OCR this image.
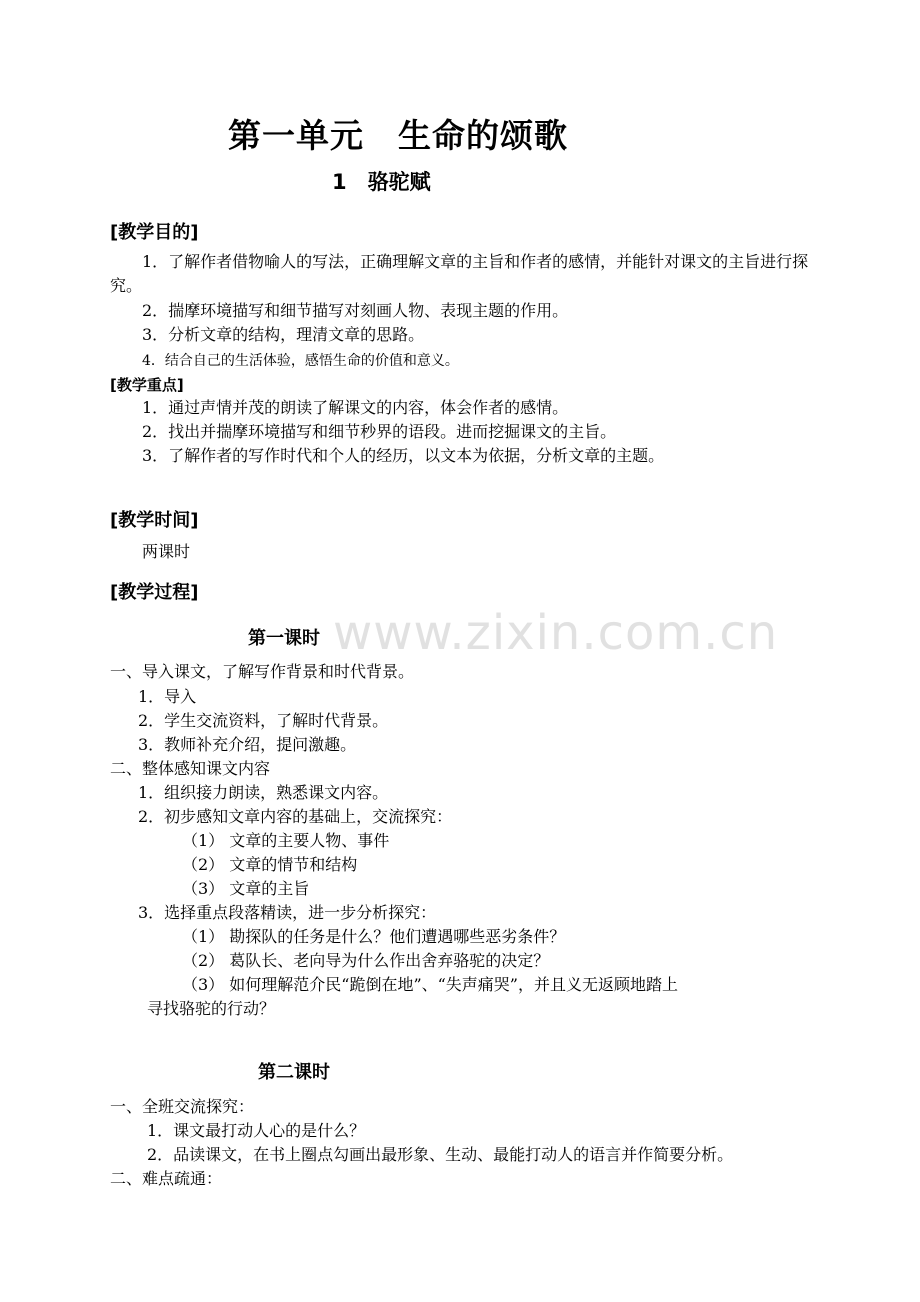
www.zixin.com.cn
第一单元　生命的颂歌
1　骆驼赋
[教学目的]
1．了解作者借物喻人的写法，正确理解文章的主旨和作者的感情，并能针对课文的主旨进行探究。
2．揣摩环境描写和细节描写对刻画人物、表现主题的作用。
3．分析文章的结构，理清文章的思路。
4．结合自己的生活体验，感悟生命的价值和意义。
[教学重点]
1．通过声情并茂的朗读了解课文的内容，体会作者的感情。
2．找出并揣摩环境描写和细节秒界的语段。进而挖掘课文的主旨。
3．了解作者的写作时代和个人的经历，以文本为依据，分析文章的主题。
[教学时间]
两课时
[教学过程]
第一课时
一、导入课文，了解写作背景和时代背景。
1．导入
2．学生交流资料，了解时代背景。
3．教师补充介绍，提问激趣。
二、整体感知课文内容
1．组织接力朗读，熟悉课文内容。
2．初步感知文章内容的基础上，交流探究：
（1） 文章的主要人物、事件
（2） 文章的情节和结构
（3） 文章的主旨
3．选择重点段落精读，进一步分析探究：
（1） 勘探队的任务是什么？他们遭遇哪些恶劣条件？
（2） 葛队长、老向导为什么作出舍弃骆驼的决定？
（3） 如何理解范介民“跪倒在地”、“失声痛哭”，并且义无返顾地踏上
寻找骆驼的行动？
第二课时
一、全班交流探究：
1．课文最打动人心的是什么？
2．品读课文，在书上圈点勾画出最形象、生动、最能打动人的语言并作简要分析。
二、难点疏通：
